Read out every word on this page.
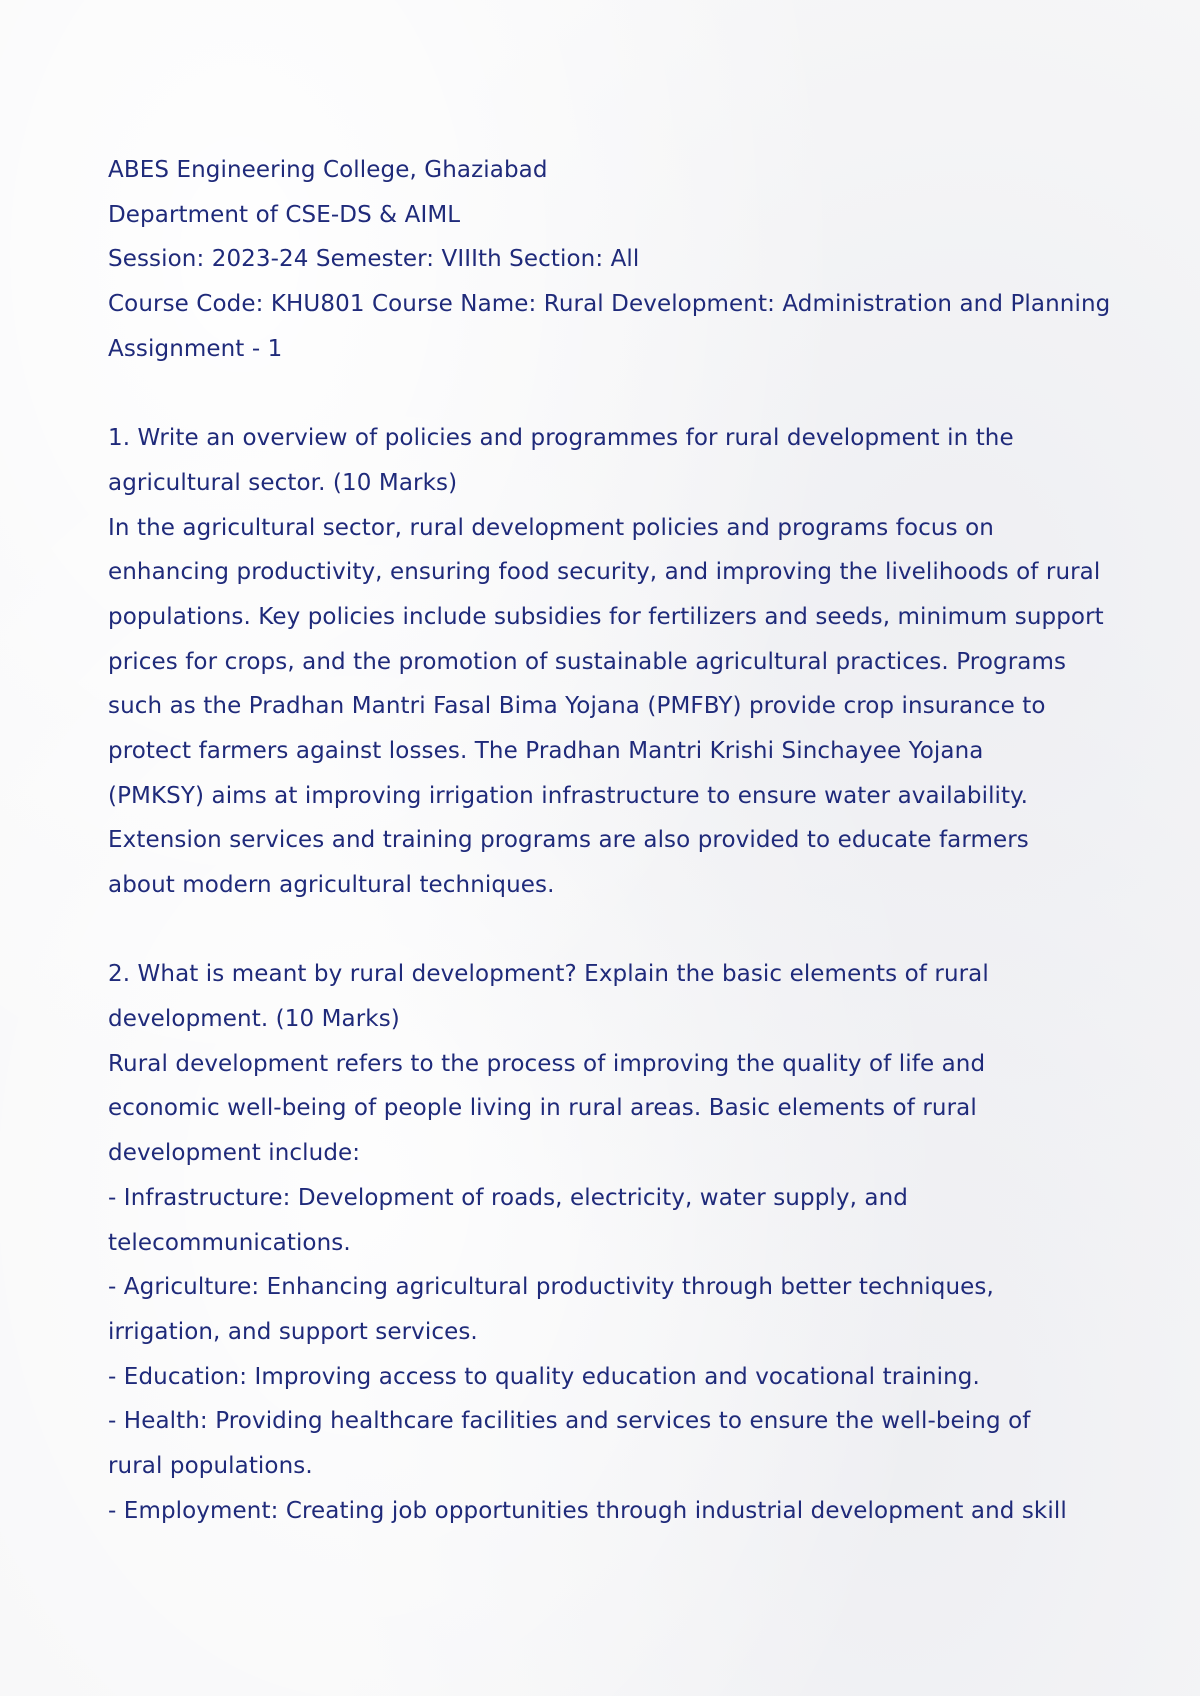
ABES Engineering College, Ghaziabad

Department of CSE-DS & AIML

Session: 2023-24 Semester: VIIIth Section: All

Course Code: KHU801 Course Name: Rural Development: Administration and Planning

Assignment - 1

1. Write an overview of policies and programmes for rural development in the

agricultural sector. (10 Marks)

In the agricultural sector, rural development policies and programs focus on

enhancing productivity, ensuring food security, and improving the livelihoods of rural

populations. Key policies include subsidies for fertilizers and seeds, minimum support

prices for crops, and the promotion of sustainable agricultural practices. Programs

such as the Pradhan Mantri Fasal Bima Yojana (PMFBY) provide crop insurance to

protect farmers against losses. The Pradhan Mantri Krishi Sinchayee Yojana

(PMKSY) aims at improving irrigation infrastructure to ensure water availability.

Extension services and training programs are also provided to educate farmers

about modern agricultural techniques.

2. What is meant by rural development? Explain the basic elements of rural

development. (10 Marks)

Rural development refers to the process of improving the quality of life and

economic well-being of people living in rural areas. Basic elements of rural

development include:

- Infrastructure: Development of roads, electricity, water supply, and

telecommunications.

- Agriculture: Enhancing agricultural productivity through better techniques,

irrigation, and support services.

- Education: Improving access to quality education and vocational training.

- Health: Providing healthcare facilities and services to ensure the well-being of

rural populations.

- Employment: Creating job opportunities through industrial development and skill
